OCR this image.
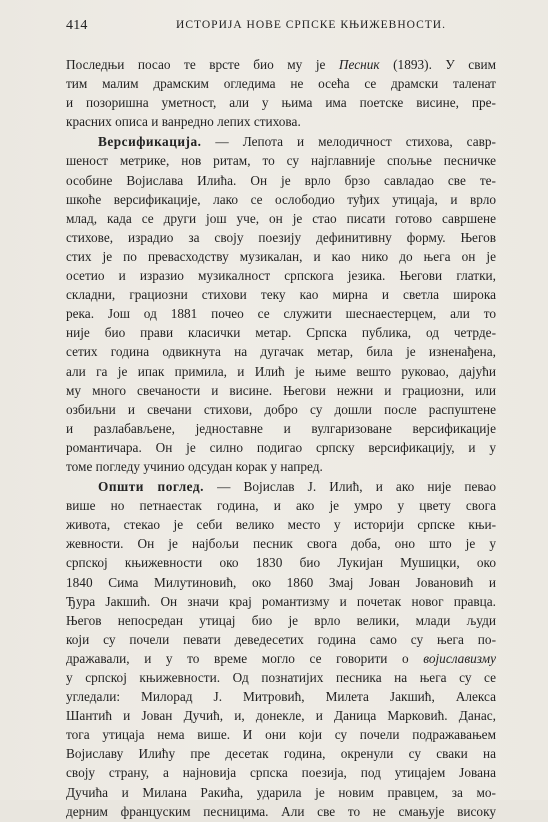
414	ИСТОРИЈА НОВЕ СРПСКЕ КЊИЖЕВНОСТИ.
Последњи посао те врсте био му је Песник (1893). У свим
тим малим драмским огледима не осећа се драмски таленат
и позоришна уметност, али у њима има поетске висине, пре-
красних описа и ванредно лепих стихова.
Версификација. — Лепота и мелодичност стихова, савр-
шеност метрике, нов ритам, то су најглавније спољње песничке
особине Војислава Илића. Он је врло брзо савладао све те-
шкоће версификације, лако се ослободио туђих утицаја, и врло
млад, када се други још уче, он је стао писати готово савршене
стихове, израдио за своју поезију дефинитивну форму. Његов
стих је по превасходству музикалан, и као нико до њега он је
осетио и изразио музикалност српскога језика. Његови глатки,
складни, грациозни стихови теку као мирна и светла широка
река. Још од 1881 почео се служити шеснаестерцем, али то
није био прави класички метар. Српска публика, од четрде-
сетих година одвикнута на дугачак метар, била је изненађена,
али га је ипак примила, и Илић је њиме вешто руковао, дајући
му много свечаности и висине. Његови нежни и грациозни, или
озбиљни и свечани стихови, добро су дошли после распуштене
и разлабављене, једноставне и вулгаризоване версификације
романтичара. Он је силно подигао српску версификацију, и у
томе погледу учинио одсудан корак у напред.
Општи поглед. — Војислав Ј. Илић, и ако није певао
више но петнаестак година, и ако је умро у цвету свога
живота, стекао је себи велико место у историји српске књи-
жевности. Он је најбољи песник свога доба, оно што је у
српској књижевности око 1830 био Лукијан Мушицки, око
1840 Сима Милутиновић, око 1860 Змај Јован Јовановић и
Ђура Јакшић. Он значи крај романтизму и почетак новог правца.
Његов непосредан утицај био је врло велики, млади људи
који су почели певати деведесетих година само су њега по-
дражавали, и у то време могло се говорити о војиславизму
у српској књижевности. Од познатијих песника на њега су се
угледали: Милорад Ј. Митровић, Милета Јакшић, Алекса
Шантић и Јован Дучић, и, донекле, и Даница Марковић. Данас,
тога утицаја нема више. И они који су почели подражавањем
Војиславу Илићу пре десетак година, окренули су сваки на
своју страну, а најновија српска поезија, под утицајем Јована
Дучића и Милана Ракића, ударила је новим правцем, за мо-
дерним француским песницима. Али све то не смањује високу
